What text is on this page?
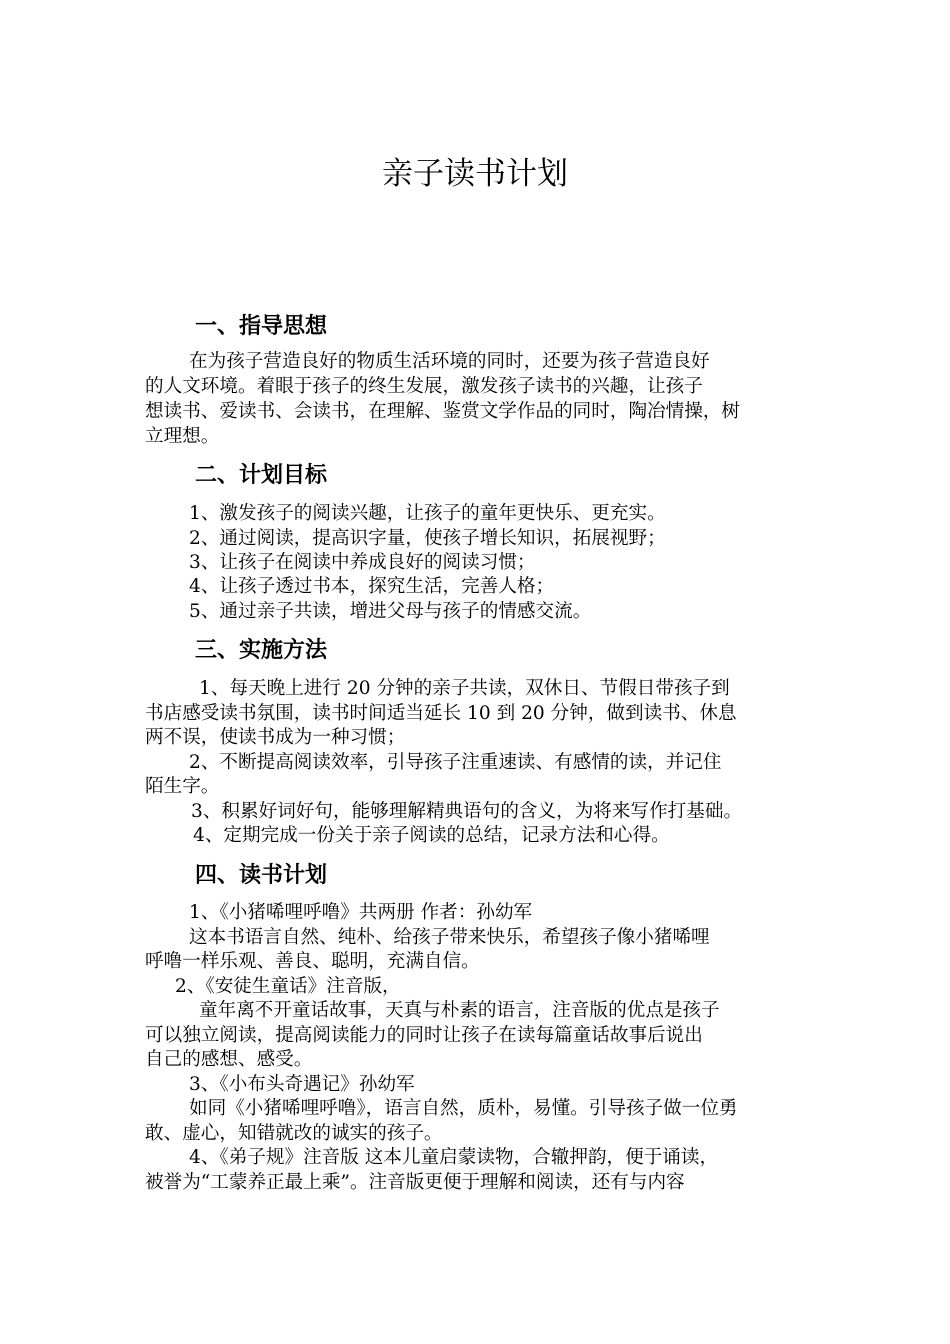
亲子读书计划
一、指导思想

在为孩子营造良好的物质生活环境的同时，还要为孩子营造良好

的人文环境。着眼于孩子的终生发展，激发孩子读书的兴趣，让孩子

想读书、爱读书、会读书，在理解、鉴赏文学作品的同时，陶冶情操，树

立理想。

二、计划目标

1、激发孩子的阅读兴趣，让孩子的童年更快乐、更充实。

2、通过阅读，提高识字量，使孩子增长知识，拓展视野；

3、让孩子在阅读中养成良好的阅读习惯；

4、让孩子透过书本，探究生活，完善人格；

5、通过亲子共读，增进父母与孩子的情感交流。

三、实施方法

1、每天晚上进行 20 分钟的亲子共读，双休日、节假日带孩子到

书店感受读书氛围，读书时间适当延长 10 到 20 分钟，做到读书、休息

两不误，使读书成为一种习惯；

2、不断提高阅读效率，引导孩子注重速读、有感情的读，并记住

陌生字。

3、积累好词好句，能够理解精典语句的含义，为将来写作打基础。

4、定期完成一份关于亲子阅读的总结，记录方法和心得。

四、读书计划

1、《小猪唏哩呼噜》共两册 作者：孙幼军

这本书语言自然、纯朴、给孩子带来快乐，希望孩子像小猪唏哩

呼噜一样乐观、善良、聪明，充满自信。

2、《安徒生童话》注音版，

童年离不开童话故事，天真与朴素的语言，注音版的优点是孩子

可以独立阅读，提高阅读能力的同时让孩子在读每篇童话故事后说出

自己的感想、感受。

3、《小布头奇遇记》孙幼军

如同《小猪唏哩呼噜》，语言自然，质朴，易懂。引导孩子做一位勇

敢、虚心，知错就改的诚实的孩子。

4、《弟子规》注音版 这本儿童启蒙读物，合辙押韵，便于诵读，

被誉为“工蒙养正最上乘”。注音版更便于理解和阅读，还有与内容
